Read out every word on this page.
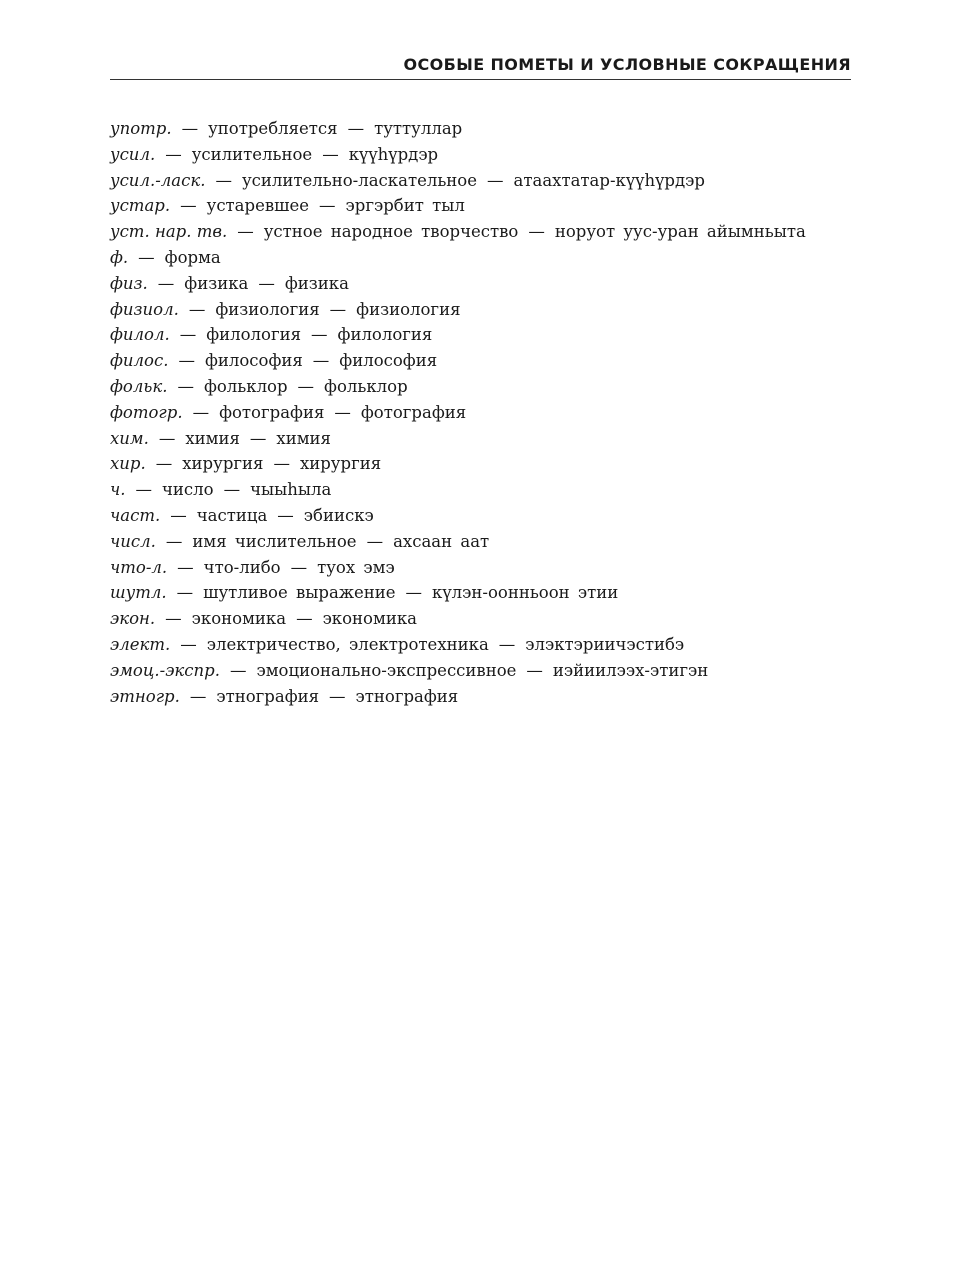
ОСОБЫЕ ПОМЕТЫ И УСЛОВНЫЕ СОКРАЩЕНИЯ
употр. — употребляется — туттуллар
усил. — усилительное — күүһүрдэр
усил.-ласк. — усилительно-ласкательное — атаахтатар-күүһүрдэр
устар. — устаревшее — эргэрбит тыл
уст. нар. тв. — устное народное творчество — норуот уус-уран айымньыта
ф. — форма
физ. — физика — физика
физиол. — физиология — физиология
филол. — филология — филология
филос. — философия — философия
фольк. — фольклор — фольклор
фотогр. — фотография — фотография
хим. — химия — химия
хир. — хирургия — хирургия
ч. — число — чыыһыла
част. — частица — эбиискэ
числ. — имя числительное — ахсаан аат
что-л. — что-либо — туох эмэ
шутл. — шутливое выражение — күлэн-оонньоон этии
экон. — экономика — экономика
элект. — электричество, электротехника — элэктэриичэстибэ
эмоц.-экспр. — эмоционально-экспрессивное — иэйиилээх-этигэн
этногр. — этнография — этнография
